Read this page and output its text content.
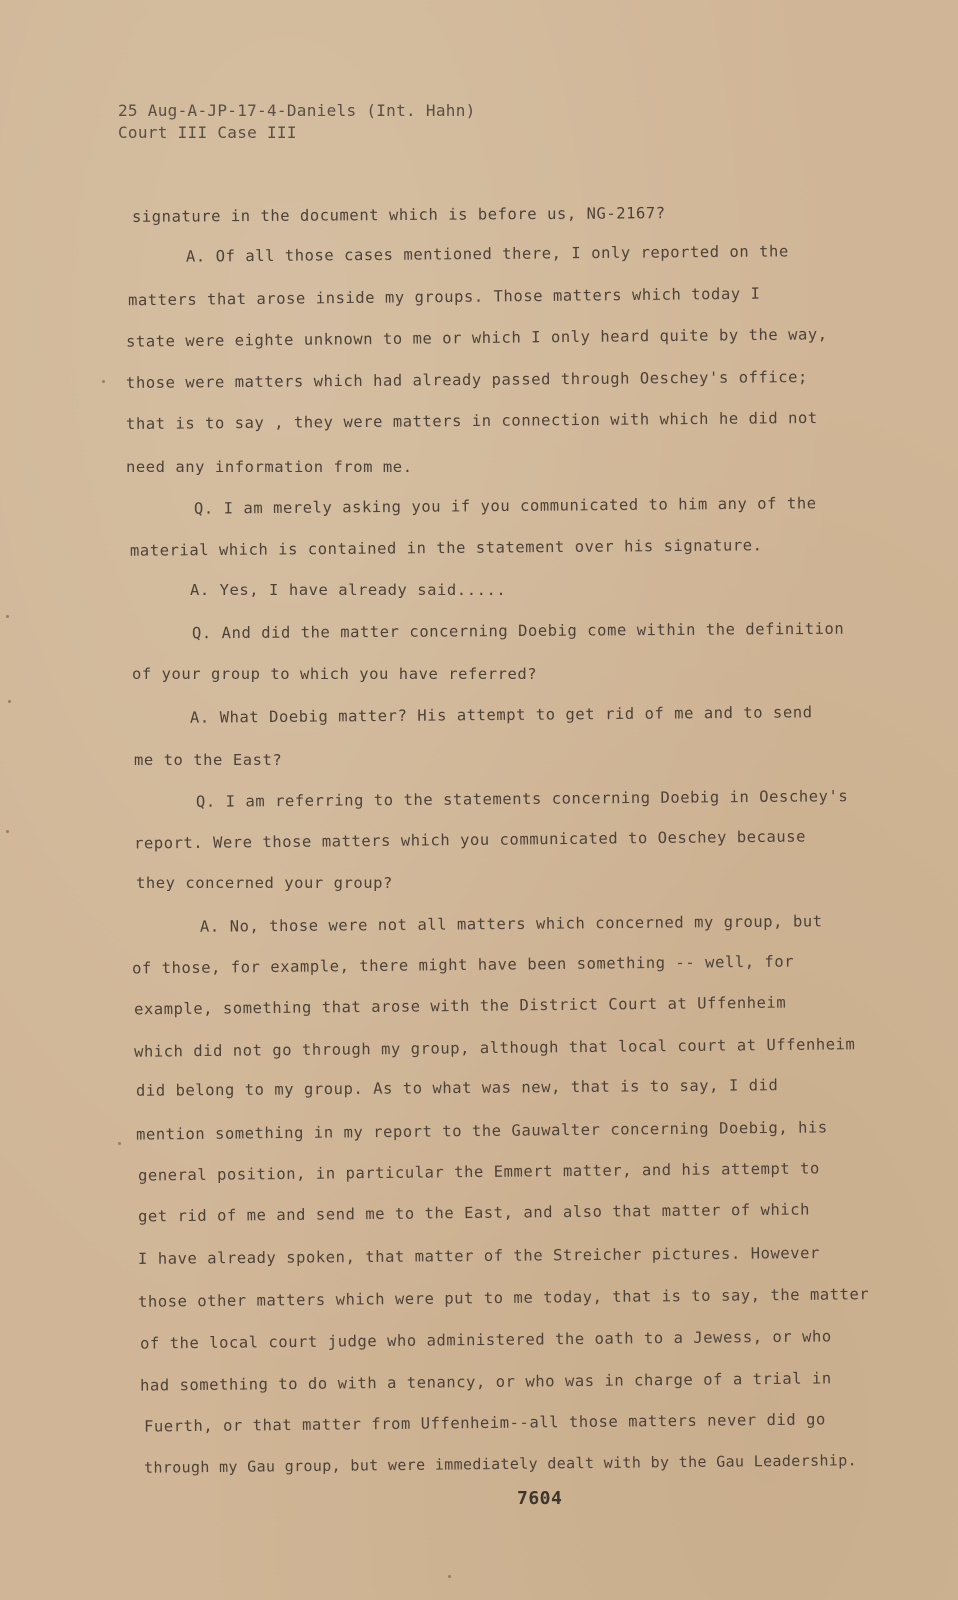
25 Aug-A-JP-17-4-Daniels (Int. Hahn)
Court III Case III
signature in the document which is before us, NG-2167?
A. Of all those cases mentioned there, I only reported on the
matters that arose inside my groups. Those matters which today I
state were eighte unknown to me or which I only heard quite by the way,
those were matters which had already passed through Oeschey's office;
that is to say , they were matters in connection with which he did not
need any information from me.
Q. I am merely asking you if you communicated to him any of the
material which is contained in the statement over his signature.
A. Yes, I have already said.....
Q. And did the matter concerning Doebig come within the definition
of your group to which you have referred?
A. What Doebig matter? His attempt to get rid of me and to send
me to the East?
Q. I am referring to the statements concerning Doebig in Oeschey's
report. Were those matters which you communicated to Oeschey because
they concerned your group?
A. No, those were not all matters which concerned my group, but
of those, for example, there might have been something -- well, for
example, something that arose with the District Court at Uffenheim
which did not go through my group, although that local court at Uffenheim
did belong to my group. As to what was new, that is to say, I did
mention something in my report to the Gauwalter concerning Doebig, his
general position, in particular the Emmert matter, and his attempt to
get rid of me and send me to the East, and also that matter of which
I have already spoken, that matter of the Streicher pictures. However
those other matters which were put to me today, that is to say, the matter
of the local court judge who administered the oath to a Jewess, or who
had something to do with a tenancy, or who was in charge of a trial in
Fuerth, or that matter from Uffenheim--all those matters never did go
through my Gau group, but were immediately dealt with by the Gau Leadership.
7604
